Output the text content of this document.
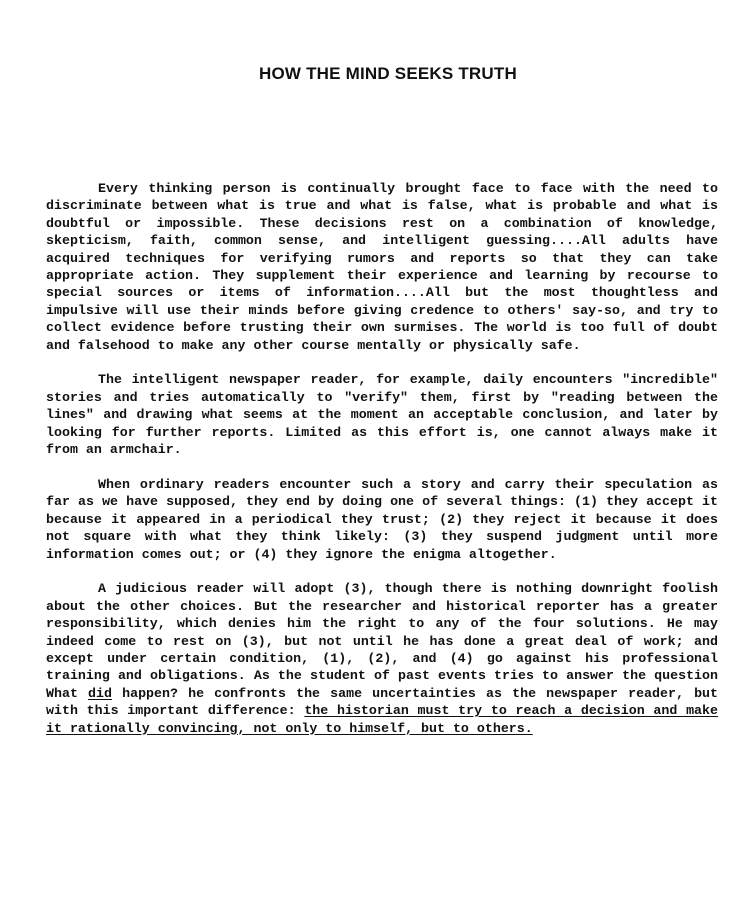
HOW THE MIND SEEKS TRUTH

Every thinking person is continually brought face to face with the need to discriminate between what is true and what is false, what is probable and what is doubtful or impossible. These decisions rest on a combination of knowledge, skepticism, faith, common sense, and intelligent guessing....All adults have acquired techniques for verifying rumors and reports so that they can take appropriate action. They supplement their experience and learning by recourse to special sources or items of information....All but the most thoughtless and impulsive will use their minds before giving credence to others' say-so, and try to collect evidence before trusting their own surmises. The world is too full of doubt and falsehood to make any other course mentally or physically safe.

The intelligent newspaper reader, for example, daily encounters "incredible" stories and tries automatically to "verify" them, first by "reading between the lines" and drawing what seems at the moment an acceptable conclusion, and later by looking for further reports. Limited as this effort is, one cannot always make it from an armchair.

When ordinary readers encounter such a story and carry their speculation as far as we have supposed, they end by doing one of several things: (1) they accept it because it appeared in a periodical they trust; (2) they reject it because it does not square with what they think likely: (3) they suspend judgment until more information comes out; or (4) they ignore the enigma altogether.

A judicious reader will adopt (3), though there is nothing downright foolish about the other choices. But the researcher and historical reporter has a greater responsibility, which denies him the right to any of the four solutions. He may indeed come to rest on (3), but not until he has done a great deal of work; and except under certain condition, (1), (2), and (4) go against his professional training and obligations. As the student of past events tries to answer the question What did happen? he confronts the same uncertainties as the newspaper reader, but with this important difference: the historian must try to reach a decision and make it rationally convincing, not only to himself, but to others.
